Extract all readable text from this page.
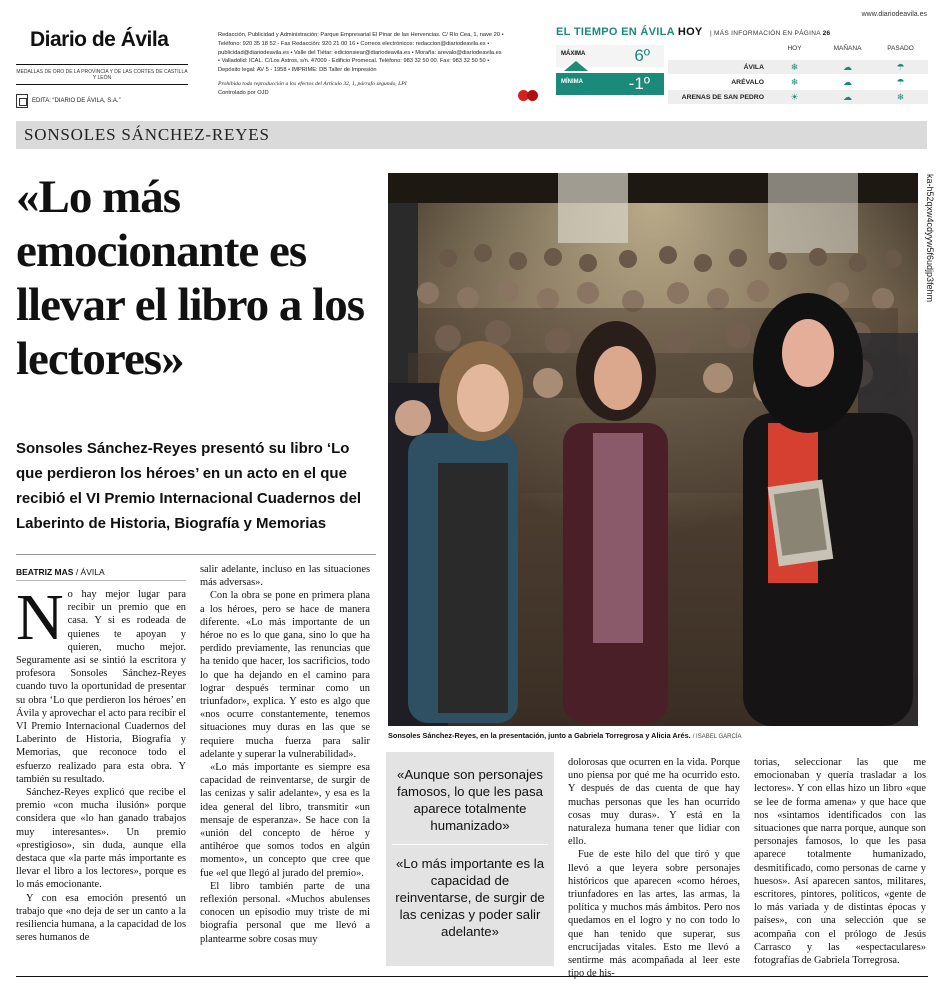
www.diariodeavila.es
Diario de Ávila
MEDALLAS DE ORO DE LA PROVINCIA Y DE LAS CORTES DE CASTILLA Y LEÓN
EDITA: “DIARIO DE ÁVILA, S.A.”
Redacción, Publicidad y Administración: Parque Empresarial El Pinar de las Hervencias. C/ Río Cea, 1, nave 20 •
Teléfono: 920 35 18 52 - Fax Redacción: 920 21 00 16 • Correos electrónicos: redaccion@diariodeavila.es •
publicidad@diariodeavila.es • Valle del Tiétar: edicionsiear@diariodeavila.es • Moraña: arevalo@diariodeavila.es
• Valladolid: ICAL. C/Los Astros, s/n. 47009 - Edificio Promecal. Teléfono: 983 32 50 00. Fax: 983 32 50 50 •
Depósito legal: AV 5 - 1958 • IMPRIME: DB Taller de Impresión
Prohibida toda reproducción a los efectos del Artículo 32, 1, párrafo segundo, LPI
Controlado por OJD
EL TIEMPO EN ÁVILA HOY | MÁS INFORMACIÓN EN PÁGINA 26
MÁXIMA	6º
MÍNIMA	-1º
HOY	MAÑANA	PASADO
ÁVILA	❄	☁	☂
ARÉVALO	❄	☁	☂
ARENAS DE SAN PEDRO	☀	☁	❄
SONSOLES SÁNCHEZ-REYES
«Lo más emocionante es llevar el libro a los lectores»
Sonsoles Sánchez-Reyes presentó su libro ‘Lo que perdieron los héroes’ en un acto en el que recibió el VI Premio Internacional Cuadernos del Laberinto de Historia, Biografía y Memorias
BEATRIZ MAS / ÁVILA
N o hay mejor lugar para recibir un premio que en casa. Y si es rodeada de quienes te apoyan y quieren, mucho mejor. Seguramente así se sintió la escritora y profesora Sonsoles Sánchez-Reyes cuando tuvo la oportunidad de presentar su obra ‘Lo que perdieron los héroes’ en Ávila y aprovechar el acto para recibir el VI Premio Internacional Cuadernos del Laberinto de Historia, Biografía y Memorias, que reconoce todo el esfuerzo realizado para esta obra. Y también su resultado.

Sánchez-Reyes explicó que recibe el premio «con mucha ilusión» porque considera que «lo han ganado trabajos muy interesantes». Un premio «prestigioso», sin duda, aunque ella destaca que «la parte más importante es llevar el libro a los lectores», porque es lo más emocionante.

Y con esa emoción presentó un trabajo que «no deja de ser un canto a la resiliencia humana, a la capacidad de los seres humanos de

salir adelante, incluso en las situaciones más adversas».

Con la obra se pone en primera plana a los héroes, pero se hace de manera diferente. «Lo más importante de un héroe no es lo que gana, sino lo que ha perdido previamente, las renuncias que ha tenido que hacer, los sacrificios, todo lo que ha dejando en el camino para lograr después terminar como un triunfador», explica. Y esto es algo que «nos ocurre constantemente, tenemos situaciones muy duras en las que se requiere mucha fuerza para salir adelante y superar la vulnerabilidad».

«Lo más importante es siempre esa capacidad de reinventarse, de surgir de las cenizas y salir adelante», y esa es la idea general del libro, transmitir «un mensaje de esperanza». Se hace con la «unión del concepto de héroe y antihéroe que somos todos en algún momento», un concepto que cree que fue «el que llegó al jurado del premio».

El libro también parte de una reflexión personal. «Muchos abulenses conocen un episodio muy triste de mi biografía personal que me llevó a plantearme sobre cosas muy

ka-h52qxw4cdyyw5f6udjp3fehm
Sonsoles Sánchez-Reyes, en la presentación, junto a Gabriela Torregrosa y Alicia Arés. / ISABEL GARCÍA
«Aunque son personajes famosos, lo que les pasa aparece totalmente humanizado»
«Lo más importante es la capacidad de reinventarse, de surgir de las cenizas y poder salir adelante»

dolorosas que ocurren en la vida. Porque uno piensa por qué me ha ocurrido esto. Y después de das cuenta de que hay muchas personas que les han ocurrido cosas muy duras». Y está en la naturaleza humana tener que lidiar con ello.

Fue de este hilo del que tiró y que llevó a que leyera sobre personajes históricos que aparecen «como héroes, triunfadores en las artes, las armas, la política y muchos más ámbitos. Pero nos quedamos en el logro y no con todo lo que han tenido que superar, sus encrucijadas vitales. Esto me llevó a sentirme más acompañada al leer este tipo de his-

torias, seleccionar las que me emocionaban y quería trasladar a los lectores». Y con ellas hizo un libro «que se lee de forma amena» y que hace que nos «sintamos identificados con las situaciones que narra porque, aunque son personajes famosos, lo que les pasa aparece totalmente humanizado, desmitificado, como personas de carne y huesos». Así aparecen santos, militares, escritores, pintores, políticos, «gente de lo más variada y de distintas épocas y países», con una selección que se acompaña con el prólogo de Jesús Carrasco y las «espectaculares» fotografías de Gabriela Torregrosa.
